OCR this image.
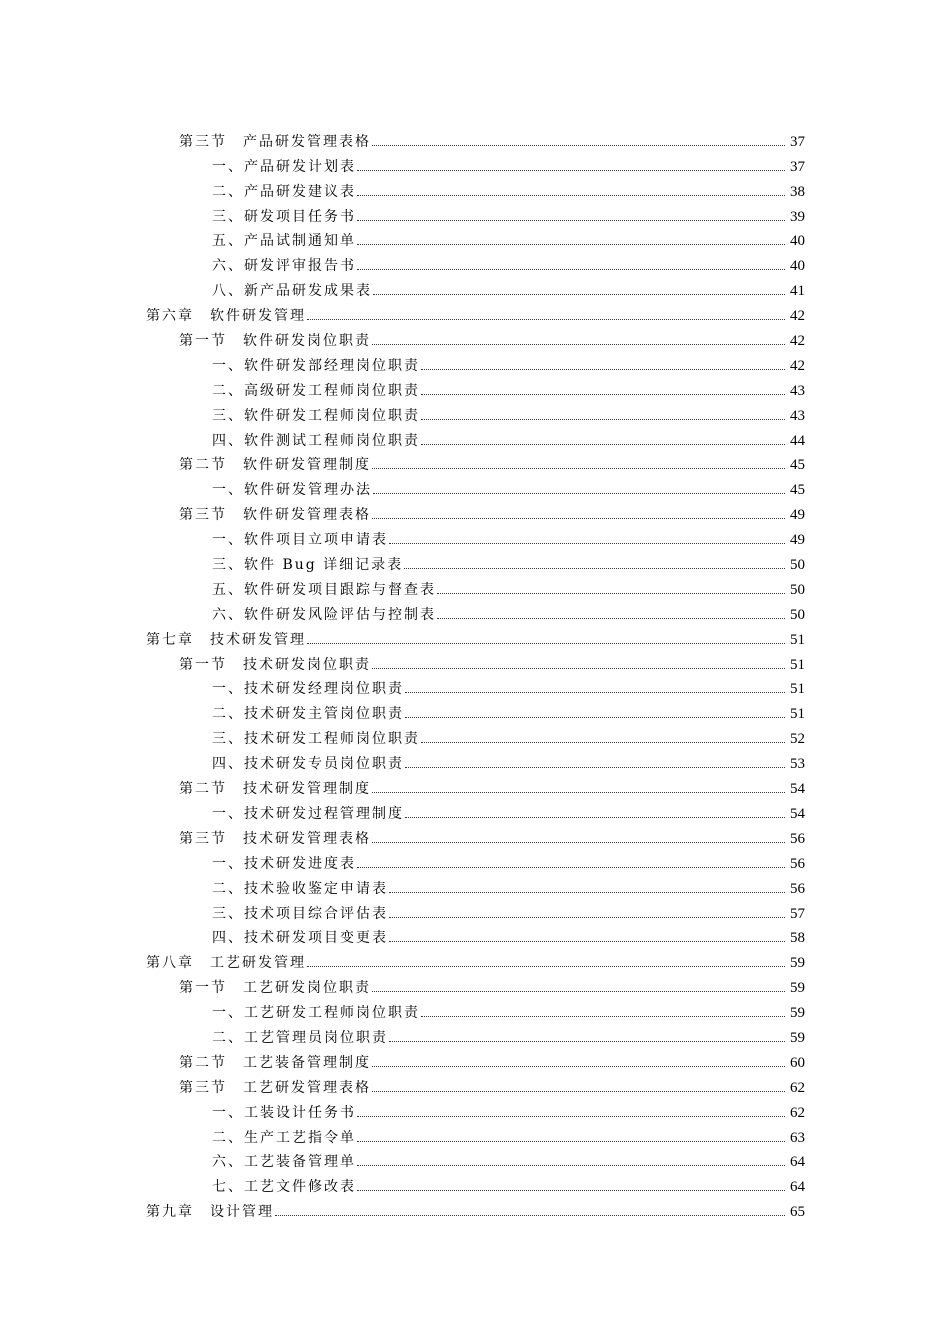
第三节 产品研发管理表格	37
一、产品研发计划表	37
二、产品研发建议表	38
三、研发项目任务书	39
五、产品试制通知单	40
六、研发评审报告书	40
八、新产品研发成果表	41
第六章 软件研发管理	42
第一节 软件研发岗位职责	42
一、软件研发部经理岗位职责	42
二、高级研发工程师岗位职责	43
三、软件研发工程师岗位职责	43
四、软件测试工程师岗位职责	44
第二节 软件研发管理制度	45
一、软件研发管理办法	45
第三节 软件研发管理表格	49
一、软件项目立项申请表	49
三、软件 Bug 详细记录表	50
五、软件研发项目跟踪与督查表	50
六、软件研发风险评估与控制表	50
第七章 技术研发管理	51
第一节 技术研发岗位职责	51
一、技术研发经理岗位职责	51
二、技术研发主管岗位职责	51
三、技术研发工程师岗位职责	52
四、技术研发专员岗位职责	53
第二节 技术研发管理制度	54
一、技术研发过程管理制度	54
第三节 技术研发管理表格	56
一、技术研发进度表	56
二、技术验收鉴定申请表	56
三、技术项目综合评估表	57
四、技术研发项目变更表	58
第八章 工艺研发管理	59
第一节 工艺研发岗位职责	59
一、工艺研发工程师岗位职责	59
二、工艺管理员岗位职责	59
第二节 工艺装备管理制度	60
第三节 工艺研发管理表格	62
一、工装设计任务书	62
二、生产工艺指令单	63
六、工艺装备管理单	64
七、工艺文件修改表	64
第九章 设计管理	65
